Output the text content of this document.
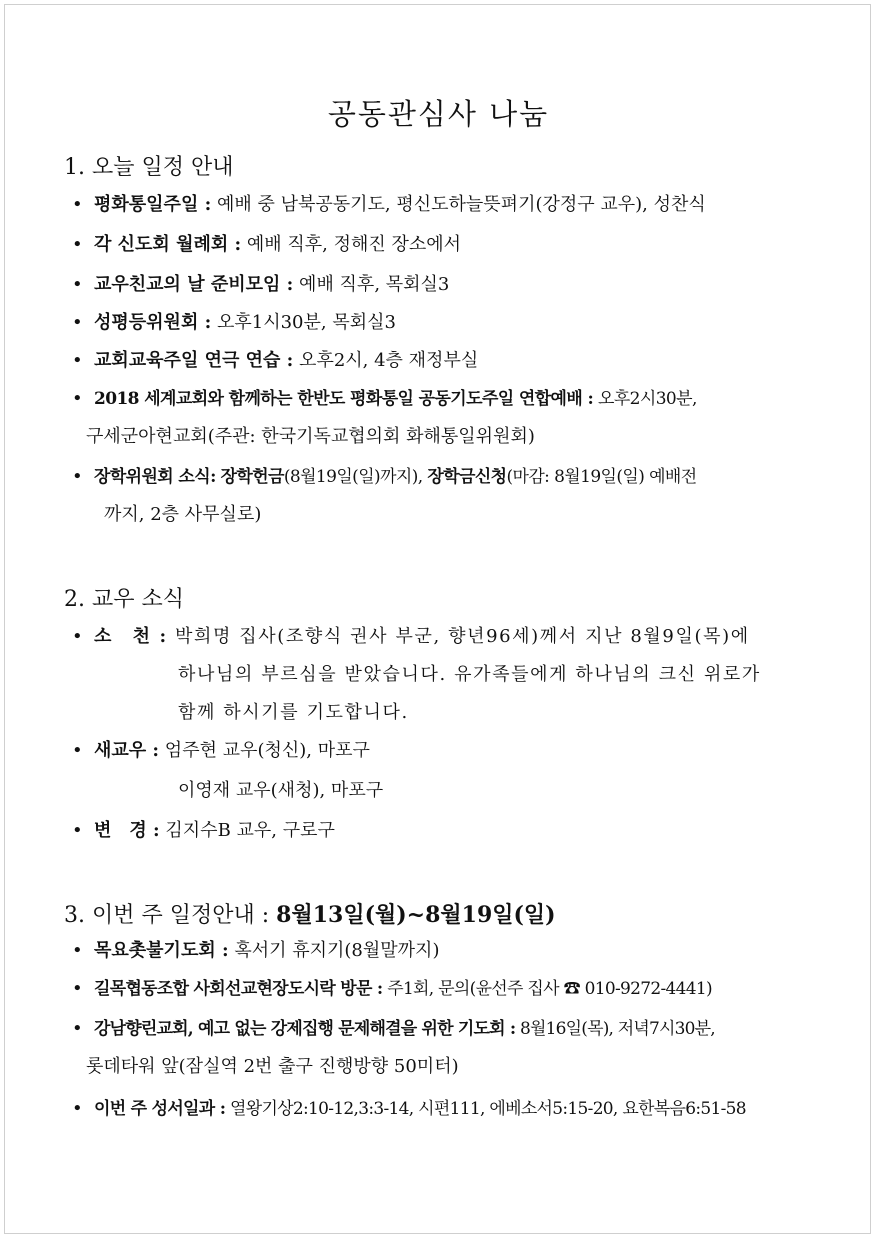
공동관심사 나눔
1. 오늘 일정 안내
• 평화통일주일 : 예배 중 남북공동기도, 평신도하늘뜻펴기(강정구 교우), 성찬식
• 각 신도회 월례회 : 예배 직후, 정해진 장소에서
• 교우친교의 날 준비모임 : 예배 직후, 목회실3
• 성평등위원회 : 오후1시30분, 목회실3
• 교회교육주일 연극 연습 : 오후2시, 4층 재정부실
• 2018 세계교회와 함께하는 한반도 평화통일 공동기도주일 연합예배 : 오후2시30분,
구세군아현교회(주관: 한국기독교협의회 화해통일위원회)
• 장학위원회 소식: 장학헌금(8월19일(일)까지), 장학금신청(마감: 8월19일(일) 예배전
까지, 2층 사무실로)
2. 교우 소식
• 소　천 : 박희명 집사(조향식 권사 부군, 향년96세)께서 지난 8월9일(목)에
하나님의 부르심을 받았습니다. 유가족들에게 하나님의 크신 위로가
함께 하시기를 기도합니다.
• 새교우 : 엄주현 교우(청신), 마포구
이영재 교우(새청), 마포구
• 변　경 : 김지수B 교우, 구로구
3. 이번 주 일정안내 : 8월13일(월)~8월19일(일)
• 목요촛불기도회 : 혹서기 휴지기(8월말까지)
• 길목협동조합 사회선교현장도시락 방문 : 주1회, 문의(윤선주 집사 ☎ 010-9272-4441)
• 강남향린교회, 예고 없는 강제집행 문제해결을 위한 기도회 : 8월16일(목), 저녁7시30분,
롯데타워 앞(잠실역 2번 출구 진행방향 50미터)
• 이번 주 성서일과 : 열왕기상2:10-12,3:3-14, 시편111, 에베소서5:15-20, 요한복음6:51-58
